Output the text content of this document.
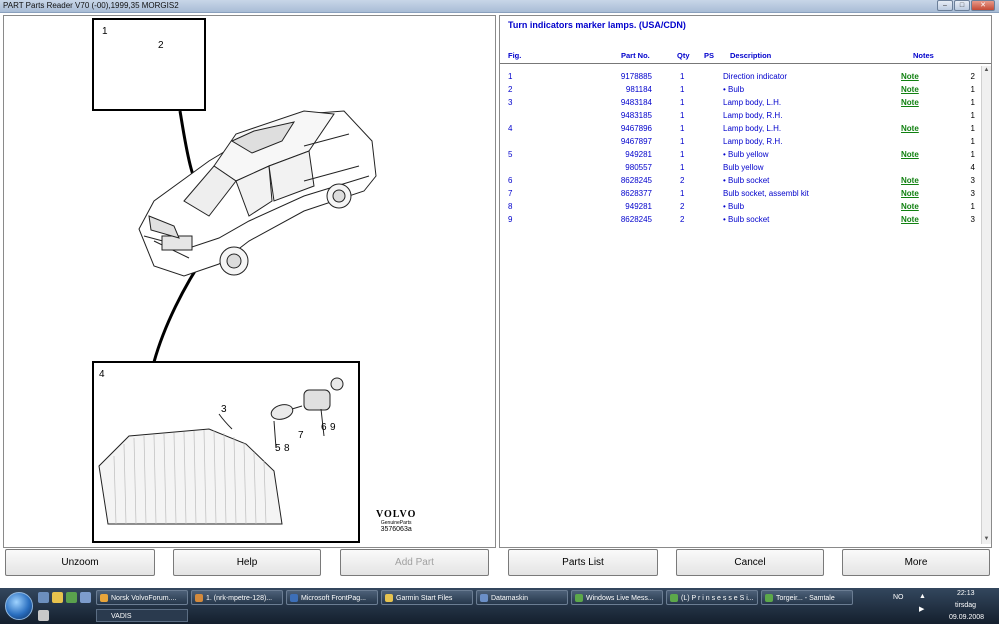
PART Parts Reader V70 (-00),1999,35 MORGIS2	–	□	✕
1
2
4
3
5 8
7
6 9
VOLVO
GenuineParts
3576063a
Turn indicators marker lamps. (USA/CDN)
Fig.	Part No.	Qty PS Description	Notes
1	9178885	1	Direction indicator	Note	2
2	981184	1	• Bulb	Note	1
3	9483184	1	Lamp body, L.H.	Note	1
9483185	1	Lamp body, R.H.	1
4	9467896	1	Lamp body, L.H.	Note	1
9467897	1	Lamp body, R.H.	1
5	949281	1	• Bulb yellow	Note	1
980557	1	Bulb yellow	4
6	8628245	2	• Bulb socket	Note	3
7	8628377	1	Bulb socket, assembl kit	Note	3
8	949281	2	• Bulb	Note	1
9	8628245	2	• Bulb socket	Note	3
▲
▼
Unzoom	Help	Add Part	Parts List	Cancel	More
Norsk VolvoForum....	1. (nrk-mpetre-128)...	Microsoft FrontPag...	Garmin Start Files	Datamaskin	Windows Live Mess...	(L) P r i n s e s s e S i...	Torgeir... - Samtale
VADIS
NO ▲
▶
22:13
tirsdag
09.09.2008
